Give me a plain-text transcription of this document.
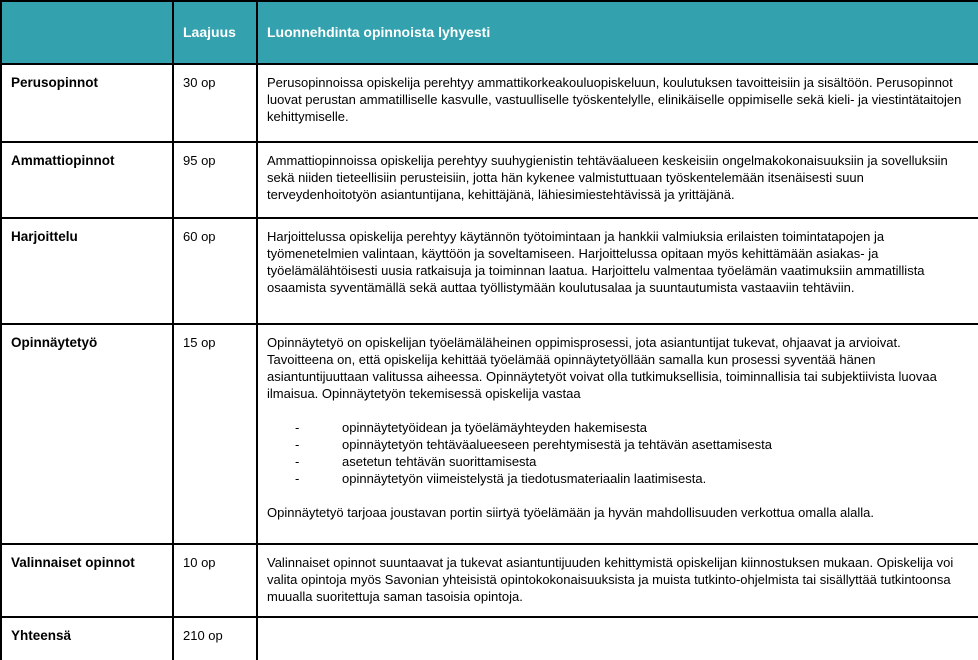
	Laajuus	Luonnehdinta opinnoista lyhyesti
Perusopinnot	30 op	Perusopinnoissa opiskelija perehtyy ammattikorkeakouluopiskeluun, koulutuksen tavoitteisiin ja sisältöön. Perusopinnot luovat perustan ammatilliselle kasvulle, vastuulliselle työskentelylle, elinikäiselle oppimiselle sekä kieli- ja viestintätaitojen kehittymiselle.

Ammattiopinnot	95 op	Ammattiopinnoissa opiskelija perehtyy suuhygienistin tehtäväalueen keskeisiin ongelmakokonaisuuksiin ja sovelluksiin sekä niiden tieteellisiin perusteisiin, jotta hän kykenee valmistuttuaan työskentelemään itsenäisesti suun terveydenhoitotyön asiantuntijana, kehittäjänä, lähiesimiestehtävissä ja yrittäjänä.

Harjoittelu	60 op	Harjoittelussa opiskelija perehtyy käytännön työtoimintaan ja hankkii valmiuksia erilaisten toimintatapojen ja työmenetelmien valintaan, käyttöön ja soveltamiseen. Harjoittelussa opitaan myös kehittämään asiakas- ja työelämälähtöisesti uusia ratkaisuja ja toiminnan laatua. Harjoittelu valmentaa työelämän vaatimuksiin ammatillista osaamista syventämällä sekä auttaa työllistymään koulutusalaa ja suuntautumista vastaaviin tehtäviin.

Opinnäytetyö	15 op	Opinnäytetyö on opiskelijan työelämäläheinen oppimisprosessi, jota asiantuntijat tukevat, ohjaavat ja arvioivat. Tavoitteena on, että opiskelija kehittää työelämää opinnäytetyöllään samalla kun prosessi syventää hänen asiantuntijuuttaan valitussa aiheessa. Opinnäytetyöt voivat olla tutkimuksellisia, toiminnallisia tai subjektiivista luovaa ilmaisua. Opinnäytetyön tekemisessä opiskelija vastaa

-	opinnäytetyöidean ja työelämäyhteyden hakemisesta
-	opinnäytetyön tehtäväalueeseen perehtymisestä ja tehtävän asettamisesta
-	asetetun tehtävän suorittamisesta
-	opinnäytetyön viimeistelystä ja tiedotusmateriaalin laatimisesta.

Opinnäytetyö tarjoaa joustavan portin siirtyä työelämään ja hyvän mahdollisuuden verkottua omalla alalla.

Valinnaiset opinnot	10 op	Valinnaiset opinnot suuntaavat ja tukevat asiantuntijuuden kehittymistä opiskelijan kiinnostuksen mukaan. Opiskelija voi valita opintoja myös Savonian yhteisistä opintokokonaisuuksista ja muista tutkinto-ohjelmista tai sisällyttää tutkintoonsa muualla suoritettuja saman tasoisia opintoja.

Yhteensä	210 op	
